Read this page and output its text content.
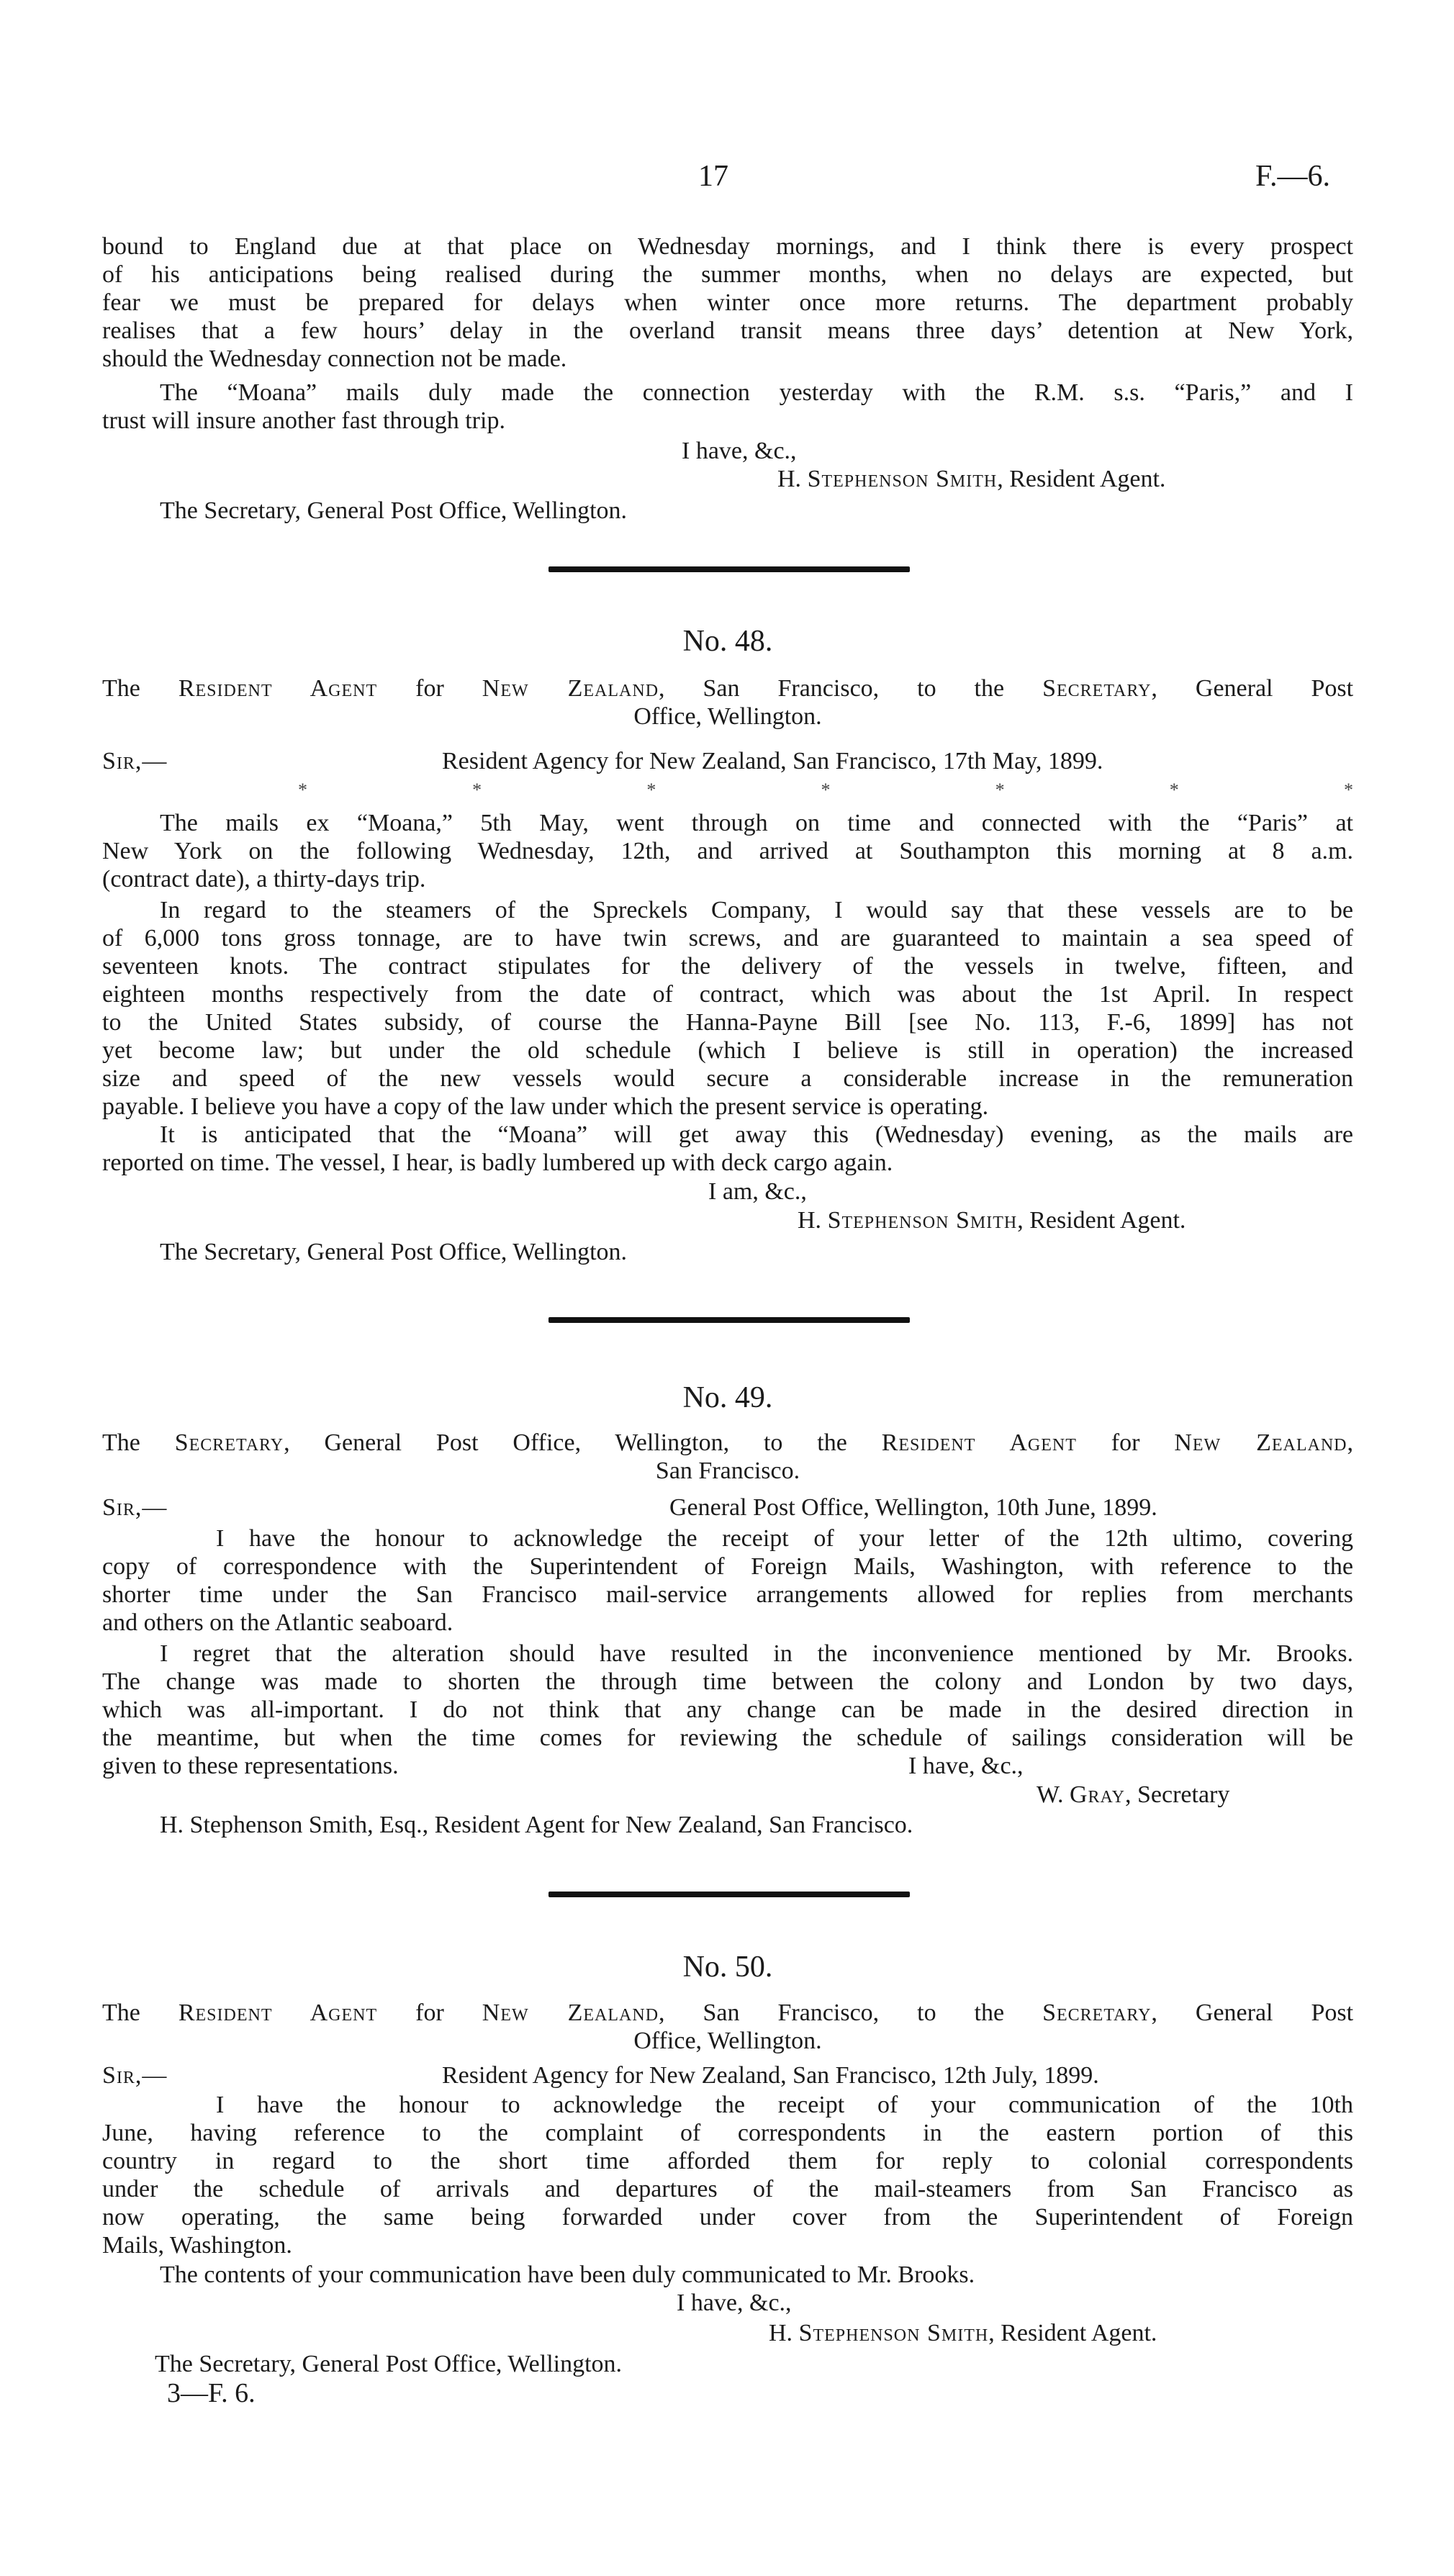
17	F.—6.
bound to England due at that place on Wednesday mornings, and I think there is every prospect
of his anticipations being realised during the summer months, when no delays are expected, but
fear we must be prepared for delays when winter once more returns. The department probably
realises that a few hours’ delay in the overland transit means three days’ detention at New York,
should the Wednesday connection not be made.
The “Moana” mails duly made the connection yesterday with the R.M. s.s. “Paris,” and I
trust will insure another fast through trip.
I have, &c.,
H. Stephenson Smith, Resident Agent.
The Secretary, General Post Office, Wellington.
No. 48.
The Resident Agent for New Zealand, San Francisco, to the Secretary, General Post
Office, Wellington.
Sir,—	Resident Agency for New Zealand, San Francisco, 17th May, 1899.
*	*	*	*	*	*	*
The mails ex “Moana,” 5th May, went through on time and connected with the “Paris” at
New York on the following Wednesday, 12th, and arrived at Southampton this morning at 8 a.m.
(contract date), a thirty-days trip.
In regard to the steamers of the Spreckels Company, I would say that these vessels are to be
of 6,000 tons gross tonnage, are to have twin screws, and are guaranteed to maintain a sea speed of
seventeen knots. The contract stipulates for the delivery of the vessels in twelve, fifteen, and
eighteen months respectively from the date of contract, which was about the 1st April. In respect
to the United States subsidy, of course the Hanna-Payne Bill [see No. 113, F.-6, 1899] has not
yet become law; but under the old schedule (which I believe is still in operation) the increased
size and speed of the new vessels would secure a considerable increase in the remuneration
payable. I believe you have a copy of the law under which the present service is operating.
It is anticipated that the “Moana” will get away this (Wednesday) evening, as the mails are
reported on time. The vessel, I hear, is badly lumbered up with deck cargo again.
I am, &c.,
H. Stephenson Smith, Resident Agent.
The Secretary, General Post Office, Wellington.
No. 49.
The Secretary, General Post Office, Wellington, to the Resident Agent for New Zealand,
San Francisco.
Sir,—	General Post Office, Wellington, 10th June, 1899.
I have the honour to acknowledge the receipt of your letter of the 12th ultimo, covering
copy of correspondence with the Superintendent of Foreign Mails, Washington, with reference to the
shorter time under the San Francisco mail-service arrangements allowed for replies from merchants
and others on the Atlantic seaboard.
I regret that the alteration should have resulted in the inconvenience mentioned by Mr. Brooks.
The change was made to shorten the through time between the colony and London by two days,
which was all-important. I do not think that any change can be made in the desired direction in
the meantime, but when the time comes for reviewing the schedule of sailings consideration will be
given to these representations.	I have, &c.,
W. Gray, Secretary
H. Stephenson Smith, Esq., Resident Agent for New Zealand, San Francisco.
No. 50.
The Resident Agent for New Zealand, San Francisco, to the Secretary, General Post
Office, Wellington.
Sir,—	Resident Agency for New Zealand, San Francisco, 12th July, 1899.
I have the honour to acknowledge the receipt of your communication of the 10th
June, having reference to the complaint of correspondents in the eastern portion of this
country in regard to the short time afforded them for reply to colonial correspondents
under the schedule of arrivals and departures of the mail-steamers from San Francisco as
now operating, the same being forwarded under cover from the Superintendent of Foreign
Mails, Washington.
The contents of your communication have been duly communicated to Mr. Brooks.
I have, &c.,
H. Stephenson Smith, Resident Agent.
The Secretary, General Post Office, Wellington.
3—F. 6.
